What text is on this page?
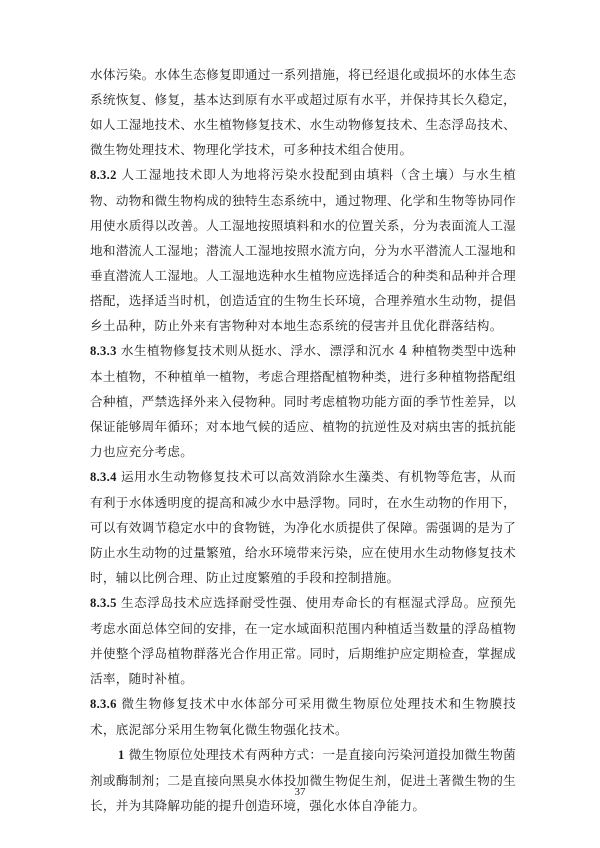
水体污染。水体生态修复即通过一系列措施，将已经退化或损坏的水体生态系统恢复、修复，基本达到原有水平或超过原有水平，并保持其长久稳定，如人工湿地技术、水生植物修复技术、水生动物修复技术、生态浮岛技术、微生物处理技术、物理化学技术，可多种技术组合使用。

8.3.2 人工湿地技术即人为地将污染水投配到由填料（含土壤）与水生植物、动物和微生物构成的独特生态系统中，通过物理、化学和生物等协同作用使水质得以改善。人工湿地按照填料和水的位置关系，分为表面流人工湿地和潜流人工湿地；潜流人工湿地按照水流方向，分为水平潜流人工湿地和垂直潜流人工湿地。人工湿地选种水生植物应选择适合的种类和品种并合理搭配，选择适当时机，创造适宜的生物生长环境，合理养殖水生动物，提倡乡土品种，防止外来有害物种对本地生态系统的侵害并且优化群落结构。

8.3.3 水生植物修复技术则从挺水、浮水、漂浮和沉水 4 种植物类型中选种本土植物，不种植单一植物，考虑合理搭配植物种类，进行多种植物搭配组合种植，严禁选择外来入侵物种。同时考虑植物功能方面的季节性差异，以保证能够周年循环；对本地气候的适应、植物的抗逆性及对病虫害的抵抗能力也应充分考虑。

8.3.4 运用水生动物修复技术可以高效消除水生藻类、有机物等危害，从而有利于水体透明度的提高和减少水中悬浮物。同时，在水生动物的作用下，可以有效调节稳定水中的食物链，为净化水质提供了保障。需强调的是为了防止水生动物的过量繁殖，给水环境带来污染，应在使用水生动物修复技术时，辅以比例合理、防止过度繁殖的手段和控制措施。

8.3.5 生态浮岛技术应选择耐受性强、使用寿命长的有框湿式浮岛。应预先考虑水面总体空间的安排，在一定水域面积范围内种植适当数量的浮岛植物并使整个浮岛植物群落光合作用正常。同时，后期维护应定期检查，掌握成活率，随时补植。

8.3.6 微生物修复技术中水体部分可采用微生物原位处理技术和生物膜技术，底泥部分采用生物氧化微生物强化技术。

1 微生物原位处理技术有两种方式：一是直接向污染河道投加微生物菌剂或酶制剂；二是直接向黑臭水体投加微生物促生剂，促进土著微生物的生长，并为其降解功能的提升创造环境，强化水体自净能力。

37
